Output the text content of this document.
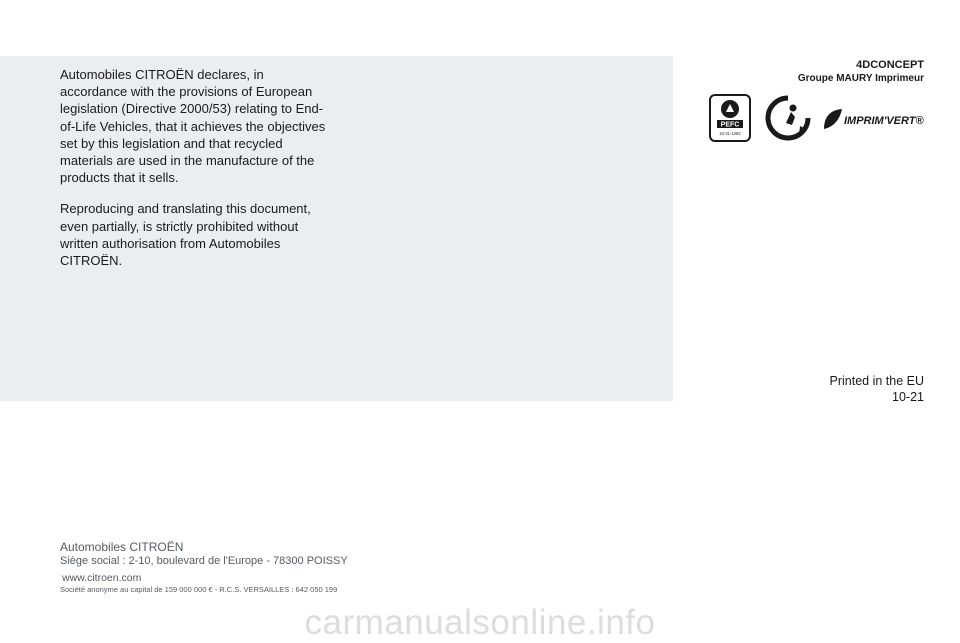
Automobiles CITROËN declares, in accordance with the provisions of European legislation (Directive 2000/53) relating to End-of-Life Vehicles, that it achieves the objectives set by this legislation and that recycled materials are used in the manufacture of the products that it sells.

Reproducing and translating this document, even partially, is strictly prohibited without written authorisation from Automobiles CITROËN.

4DCONCEPT
Groupe MAURY Imprimeur
PEFC
10-31-1282
IMPRIM'VERT®
Printed in the EU
10-21
Automobiles CITROËN
Siège social : 2-10, boulevard de l'Europe - 78300 POISSY
www.citroen.com
Société anonyme au capital de 159 000 000 € - R.C.S. VERSAILLES : 642 050 199
carmanualsonline.info
